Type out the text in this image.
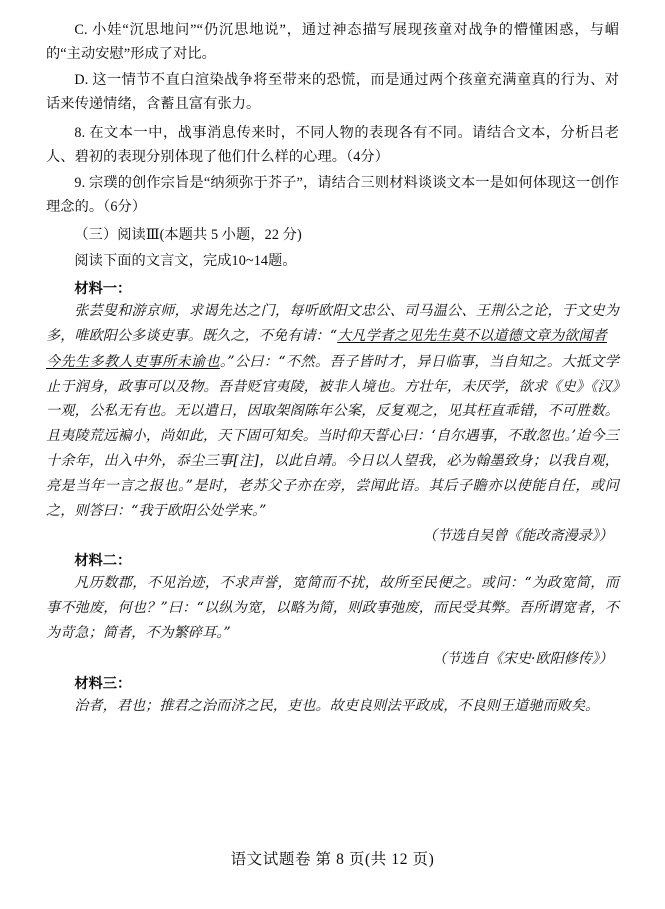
C. 小娃“沉思地问”“仍沉思地说”，通过神态描写展现孩童对战争的懵懂困惑，与嵋的“主动安慰”形成了对比。

D. 这一情节不直白渲染战争将至带来的恐慌，而是通过两个孩童充满童真的行为、对话来传递情绪，含蓄且富有张力。

8. 在文本一中，战事消息传来时，不同人物的表现各有不同。请结合文本，分析吕老人、碧初的表现分别体现了他们什么样的心理。（4分）

9. 宗璞的创作宗旨是“纳须弥于芥子”，请结合三则材料谈谈文本一是如何体现这一创作理念的。（6分）

（三）阅读Ⅲ(本题共 5 小题，22 分)

阅读下面的文言文，完成10~14题。

材料一：

张芸叟和游京师，求谒先达之门，每听欧阳文忠公、司马温公、王荆公之论，于文史为多，唯欧阳公多谈吏事。既久之，不免有请：“大凡学者之见先生莫不以道德文章为欲闻者

今先生多教人吏事所未谕也。”公曰：“不然。吾子皆时才，异日临事，当自知之。大抵文学止于润身，政事可以及物。吾昔贬官夷陵，被非人境也。方壮年，未厌学，欲求《史》《汉》一观，公私无有也。无以遣日，因取架阁陈年公案，反复观之，见其枉直乖错，不可胜数。且夷陵荒远褊小，尚如此，天下固可知矣。当时仰天誓心曰：‘自尔遇事，不敢忽也。’迨今三十余年，出入中外，忝尘三事[注]，以此自靖。今日以人望我，必为翰墨致身；以我自观，亮是当年一言之报也。”是时，老苏父子亦在旁，尝闻此语。其后子瞻亦以使能自任，或问之，则答曰：“我于欧阳公处学来。”

（节选自吴曾《能改斋漫录》）

材料二：

凡历数郡，不见治迹，不求声誉，宽简而不扰，故所至民便之。或问：“为政宽简，而事不弛废，何也？”曰：“以纵为宽，以略为简，则政事弛废，而民受其弊。吾所谓宽者，不为苛急；简者，不为繁碎耳。”

（节选自《宋史·欧阳修传》）

材料三：

治者，君也；推君之治而济之民，吏也。故吏良则法平政成，不良则王道驰而败矣。

语文试题卷 第 8 页(共 12 页)
